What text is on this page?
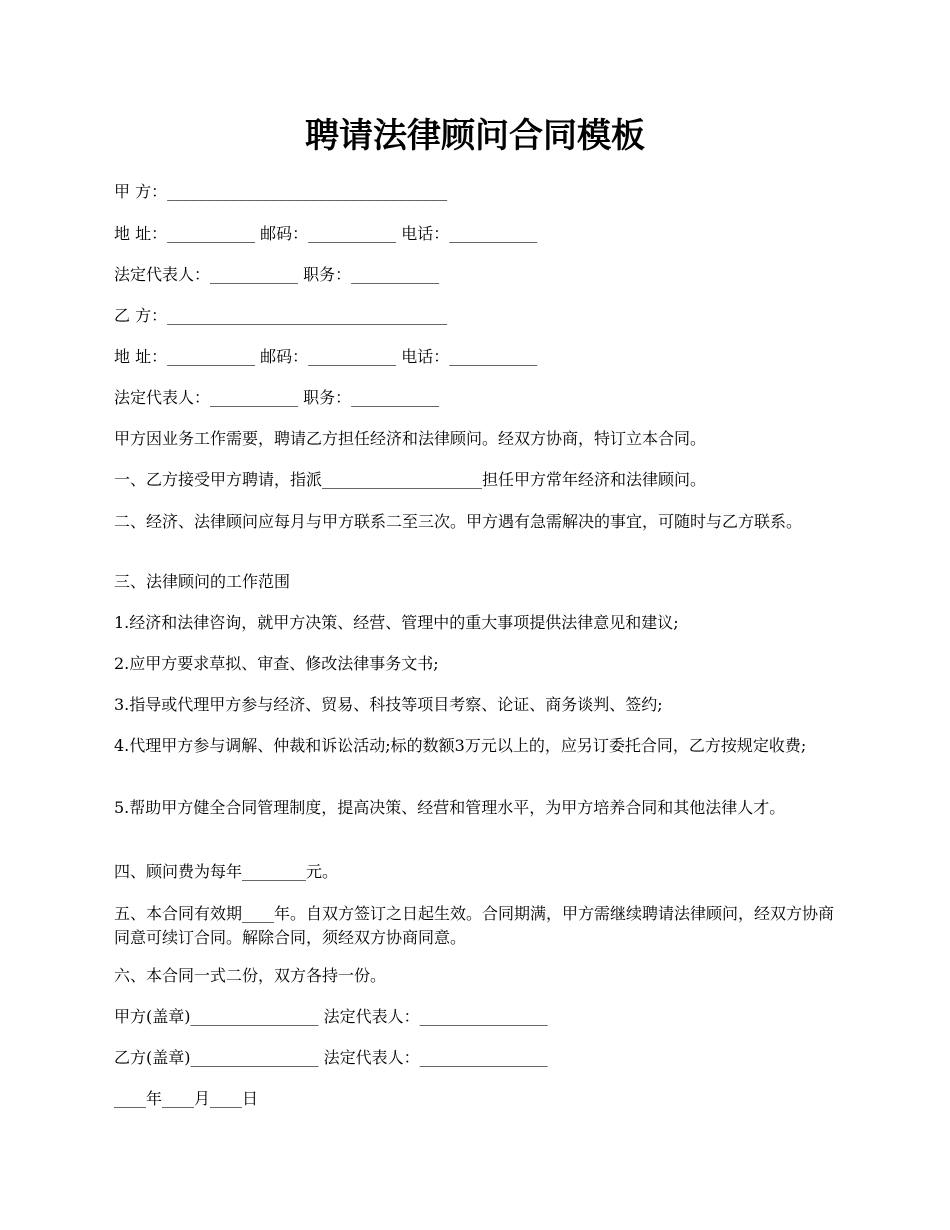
聘请法律顾问合同模板

甲 方：___________________________________

地 址：___________ 邮码：___________ 电话：___________

法定代表人：___________ 职务：___________

乙 方：___________________________________

地 址：___________ 邮码：___________ 电话：___________

法定代表人：___________ 职务：___________

甲方因业务工作需要，聘请乙方担任经济和法律顾问。经双方协商，特订立本合同。

一、乙方接受甲方聘请，指派____________________担任甲方常年经济和法律顾问。

二、经济、法律顾问应每月与甲方联系二至三次。甲方遇有急需解决的事宜，可随时与乙方联系。

三、法律顾问的工作范围

1.经济和法律咨询，就甲方决策、经营、管理中的重大事项提供法律意见和建议;

2.应甲方要求草拟、审查、修改法律事务文书;

3.指导或代理甲方参与经济、贸易、科技等项目考察、论证、商务谈判、签约;

4.代理甲方参与调解、仲裁和诉讼活动;标的数额3万元以上的，应另订委托合同，乙方按规定收费;

5.帮助甲方健全合同管理制度，提高决策、经营和管理水平，为甲方培养合同和其他法律人才。

四、顾问费为每年________元。

五、本合同有效期____年。自双方签订之日起生效。合同期满，甲方需继续聘请法律顾问，经双方协商同意可续订合同。解除合同，须经双方协商同意。

六、本合同一式二份，双方各持一份。

甲方(盖章)________________ 法定代表人：________________

乙方(盖章)________________ 法定代表人：________________

____年____月____日
